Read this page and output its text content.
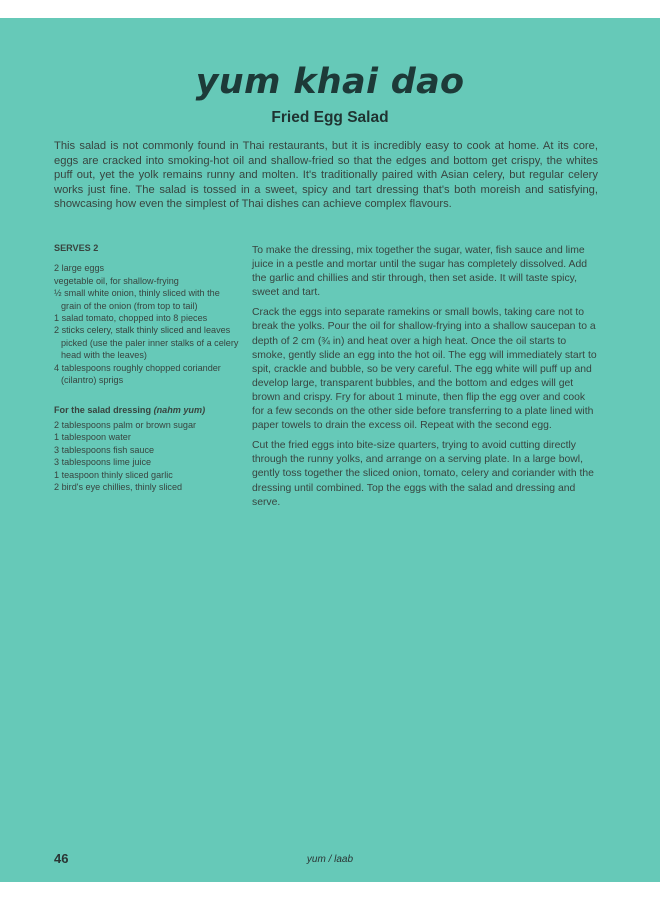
yum khai dao
Fried Egg Salad

This salad is not commonly found in Thai restaurants, but it is incredibly easy to cook at home. At its core, eggs are cracked into smoking-hot oil and shallow-fried so that the edges and bottom get crispy, the whites puff out, yet the yolk remains runny and molten. It's traditionally paired with Asian celery, but regular celery works just fine. The salad is tossed in a sweet, spicy and tart dressing that's both moreish and satisfying, showcasing how even the simplest of Thai dishes can achieve complex flavours.

SERVES 2

2 large eggs
vegetable oil, for shallow-frying
½ small white onion, thinly sliced with the grain of the onion (from top to tail)
1 salad tomato, chopped into 8 pieces
2 sticks celery, stalk thinly sliced and leaves picked (use the paler inner stalks of a celery head with the leaves)
4 tablespoons roughly chopped coriander (cilantro) sprigs

For the salad dressing (nahm yum)

2 tablespoons palm or brown sugar
1 tablespoon water
3 tablespoons fish sauce
3 tablespoons lime juice
1 teaspoon thinly sliced garlic
2 bird's eye chillies, thinly sliced

To make the dressing, mix together the sugar, water, fish sauce and lime juice in a pestle and mortar until the sugar has completely dissolved. Add the garlic and chillies and stir through, then set aside. It will taste spicy, sweet and tart.

Crack the eggs into separate ramekins or small bowls, taking care not to break the yolks. Pour the oil for shallow-frying into a shallow saucepan to a depth of 2 cm (¾ in) and heat over a high heat. Once the oil starts to smoke, gently slide an egg into the hot oil. The egg will immediately start to spit, crackle and bubble, so be very careful. The egg white will puff up and develop large, transparent bubbles, and the bottom and edges will get brown and crispy. Fry for about 1 minute, then flip the egg over and cook for a few seconds on the other side before transferring to a plate lined with paper towels to drain the excess oil. Repeat with the second egg.

Cut the fried eggs into bite-size quarters, trying to avoid cutting directly through the runny yolks, and arrange on a serving plate. In a large bowl, gently toss together the sliced onion, tomato, celery and coriander with the dressing until combined. Top the eggs with the salad and dressing and serve.

46	yum / laab
